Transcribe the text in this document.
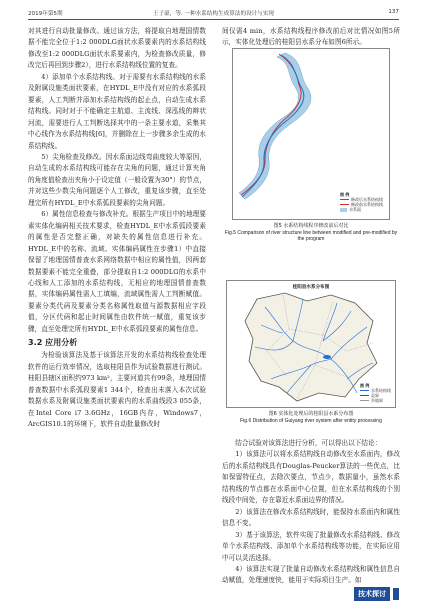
2019年第5期	王子豪，等. 一种水系结构生成算法的设计与实现	137

对其进行自动批量修改。通过该方法，将提取自地理国情数据不能完全位于1:2 000DLG面状水系要素内的水系结构线修改至1:2 000DLG面状水系要素内，为检查修改质量，修改完后再回到步骤2），进行水系结构线位置的复查。

4）添加单个水系结构线。对于需要有水系结构线的水系及附属设施类面状要素，在HYDL_E中没有对应的水系弧段要素，人工判断并添加水系结构线的起止点，自动生成水系结构线。同时对于不能确定主航道、主流线、深泓线的辫状河流，需要进行人工判断选择其中的一条主要水道，采集其中心线作为水系结构线[6]，并删除在上一步骤多余生成的水系结构线。

5）尖角检查及修改。因水系面边线弯曲度较大等原因，自动生成的水系结构线可能存在尖角的问题，通过计算夹角的角度值检查出夹角小于设定值（一般设置为30°）的节点，并对这些少数尖角问题逐个人工修改，重复该步骤，直至处理完所有HYDL_E中水系弧段要素的尖角问题。

6）属性信息检查与修改补充。根据生产项目中的地理要素实体化编码相关技术要求，检查HYDL_E中水系弧段要素的属性是否完整正确，对缺失的属性信息进行补充。HYDL_E中的名称、流域、实体编码属性在步骤1）中直接保留了地理国情普查水系网络数据中相应的属性值，因两套数据要素不能完全重叠，部分提取自1:2 000DLG的水系中心线和人工添加的水系结构线，无相应的地理国情普查数据，实体编码属性需人工填编，流域属性需人工判断赋值。要素分类代码及要素分类名称属性取值与源数据相应字段值，分区代码和起止时间属性由软件统一赋值，重复该步骤，直至处理完所有HYDL_E中水系弧段要素的属性信息。

3.2 应用分析

为检验该算法及基于该算法开发的水系结构线检查处理软件的运行效率情况，选取桂阳县作为试验数据进行测试。桂阳县辖区面积约973 km²，主要河道共有99条，地理国情普查数据中水系弧段要素1 344个，检查出未落入本次试验数据水系及附属设施类面状要素内的水系曲线段3 055条，在Intel Core i7 3.6GHz，16GB内存，Windows7，ArcGIS10.1的环境下，软件自动批量修改时

间仅需4 min，水系结构线程序修改前后对比情况如图5所示，实体化处理后的桂阳县水系分布如图6所示。

图 例
修改后水系结构线
修改前水系结构线
水系面
图5 水系结构线程序修改前后对比
Fig.5 Comparison of river structure line between modified and pre-modified by the program
桂阳县水系分布图
图 例
水系结构线
县界
乡镇界
图6 实体化处理后的桂阳县水系分布图
Fig.6 Distribution of Guiyang river system after entity processing

结合试验对该算法进行分析，可以得出以下结论：

1）该算法可以将水系结构线自动修改至水系面内，修改后的水系结构线具有Douglas-Peucker算法的一些优点，比如保留特征点，去除次要点，节点少，数据量小，虽然水系结构线的节点都在水系面中心位置，但在水系结构线的个别线段中间处，存在靠近水系面边界的情况。

2）该算法在修改水系结构线时，能保持水系面内和属性信息不变。

3）基于该算法，软件实现了批量修改水系结构线、修改单个水系结构线、添加单个水系结构线等功能，在实际应用中可以灵活选择。

4）该算法实现了批量自动修改水系结构线和属性信息自动赋值，处理速度快，能用于实际项目生产。如

技术探讨
